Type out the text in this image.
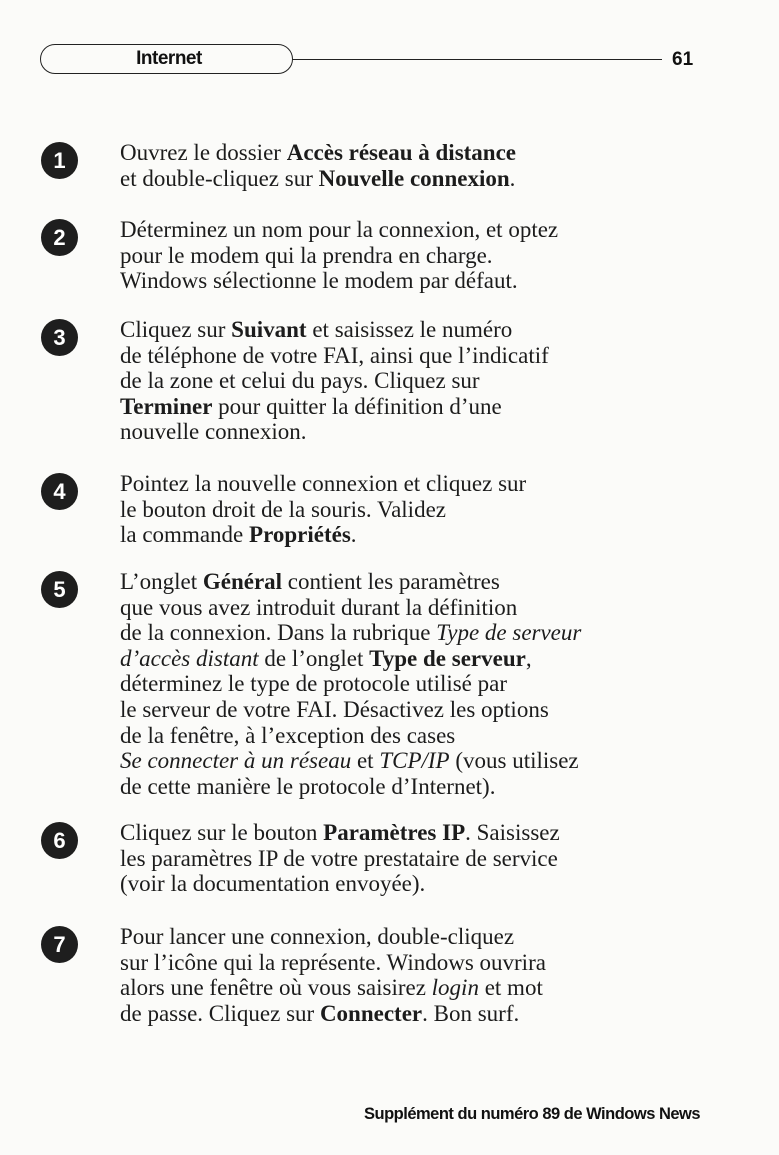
Internet	61
1	Ouvrez le dossier Accès réseau à distance
et double-cliquez sur Nouvelle connexion.
2	Déterminez un nom pour la connexion, et optez
pour le modem qui la prendra en charge.
Windows sélectionne le modem par défaut.
3	Cliquez sur Suivant et saisissez le numéro
de téléphone de votre FAI, ainsi que l’indicatif
de la zone et celui du pays. Cliquez sur
Terminer pour quitter la définition d’une
nouvelle connexion.
4	Pointez la nouvelle connexion et cliquez sur
le bouton droit de la souris. Validez
la commande Propriétés.
5	L’onglet Général contient les paramètres
que vous avez introduit durant la définition
de la connexion. Dans la rubrique Type de serveur
d’accès distant de l’onglet Type de serveur,
déterminez le type de protocole utilisé par
le serveur de votre FAI. Désactivez les options
de la fenêtre, à l’exception des cases
Se connecter à un réseau et TCP/IP (vous utilisez
de cette manière le protocole d’Internet).
6	Cliquez sur le bouton Paramètres IP. Saisissez
les paramètres IP de votre prestataire de service
(voir la documentation envoyée).
7	Pour lancer une connexion, double-cliquez
sur l’icône qui la représente. Windows ouvrira
alors une fenêtre où vous saisirez login et mot
de passe. Cliquez sur Connecter. Bon surf.
Supplément du numéro 89 de Windows News
